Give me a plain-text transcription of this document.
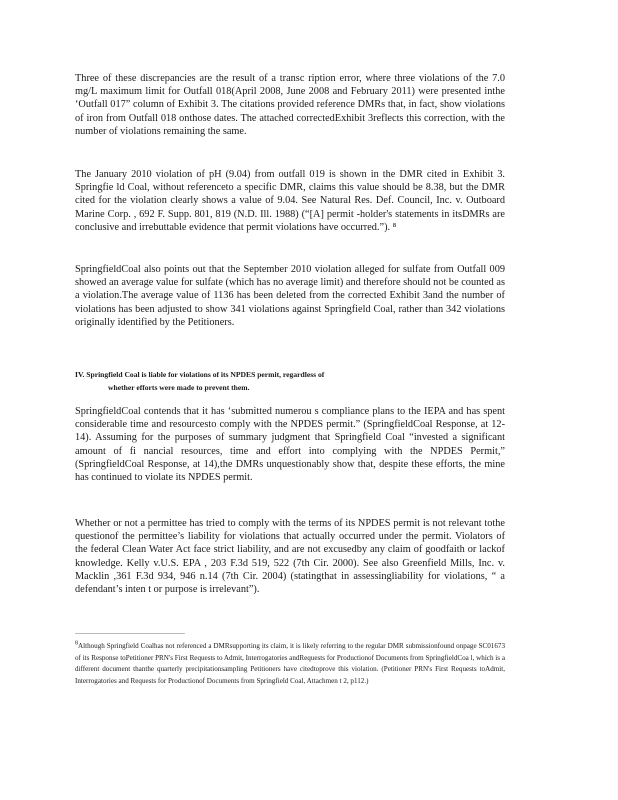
Three of these discrepancies are the result of a transc ription error, where three violations of the 7.0 mg/L maximum limit for Outfall 018(April 2008, June 2008 and February 2011) were presented inthe ‘Outfall 017” column of Exhibit 3. The citations provided reference DMRs that, in fact, show violations of iron from Outfall 018 onthose dates. The attached correctedExhibit 3reflects this correction, with the number of violations remaining the same.

The January 2010 violation of pH (9.04) from outfall 019 is shown in the DMR cited in Exhibit 3. Springfie ld Coal, without referenceto a specific DMR, claims this value should be 8.38, but the DMR cited for the violation clearly shows a value of 9.04. See Natural Res. Def. Council, Inc. v. Outboard Marine Corp. , 692 F. Supp. 801, 819 (N.D. Ill. 1988) (“[A] permit -holder's statements in itsDMRs are conclusive and irrebuttable evidence that permit violations have occurred.”). ⁸

SpringfieldCoal also points out that the September 2010 violation alleged for sulfate from Outfall 009 showed an average value for sulfate (which has no average limit) and therefore should not be counted as a violation.The average value of 1136 has been deleted from the corrected Exhibit 3and the number of violations has been adjusted to show 341 violations against Springfield Coal, rather than 342 violations originally identified by the Petitioners.

IV. Springfield Coal is liable for violations of its NPDES permit, regardless of
whether efforts were made to prevent them.

SpringfieldCoal contends that it has ‘submitted numerou s compliance plans to the IEPA and has spent considerable time and resourcesto comply with the NPDES permit.” (SpringfieldCoal Response, at 12-14). Assuming for the purposes of summary judgment that Springfield Coal “invested a significant amount of fi nancial resources, time and effort into complying with the NPDES Permit,” (SpringfieldCoal Response, at 14),the DMRs unquestionably show that, despite these efforts, the mine has continued to violate its NPDES permit.

Whether or not a permittee has tried to comply with the terms of its NPDES permit is not relevant tothe questionof the permittee’s liability for violations that actually occurred under the permit. Violators of the federal Clean Water Act face strict liability, and are not excusedby any claim of goodfaith or lackof knowledge. Kelly v.U.S. EPA , 203 F.3d 519, 522 (7th Cir. 2000). See also Greenfield Mills, Inc. v. Macklin ,361 F.3d 934, 946 n.14 (7th Cir. 2004) (statingthat in assessingliability for violations, “ a defendant’s inten t or purpose is irrelevant”).

$^8$Although Springfield Coalhas not referenced a DMRsupporting its claim, it is likely referring to the regular DMR submissionfound onpage SC01673 of its Response toPetitioner PRN's First Requests to Admit, Interrogatories andRequests for Productionof Documents from SpringfieldCoa l, which is a different document thanthe quarterly precipitationsampling Petitioners have citedtoprove this violation. (Petitioner PRN's First Requests toAdmit, Interrogatories and Requests for Productionof Documents from Springfield Coal, Attachmen t 2, p112.)
